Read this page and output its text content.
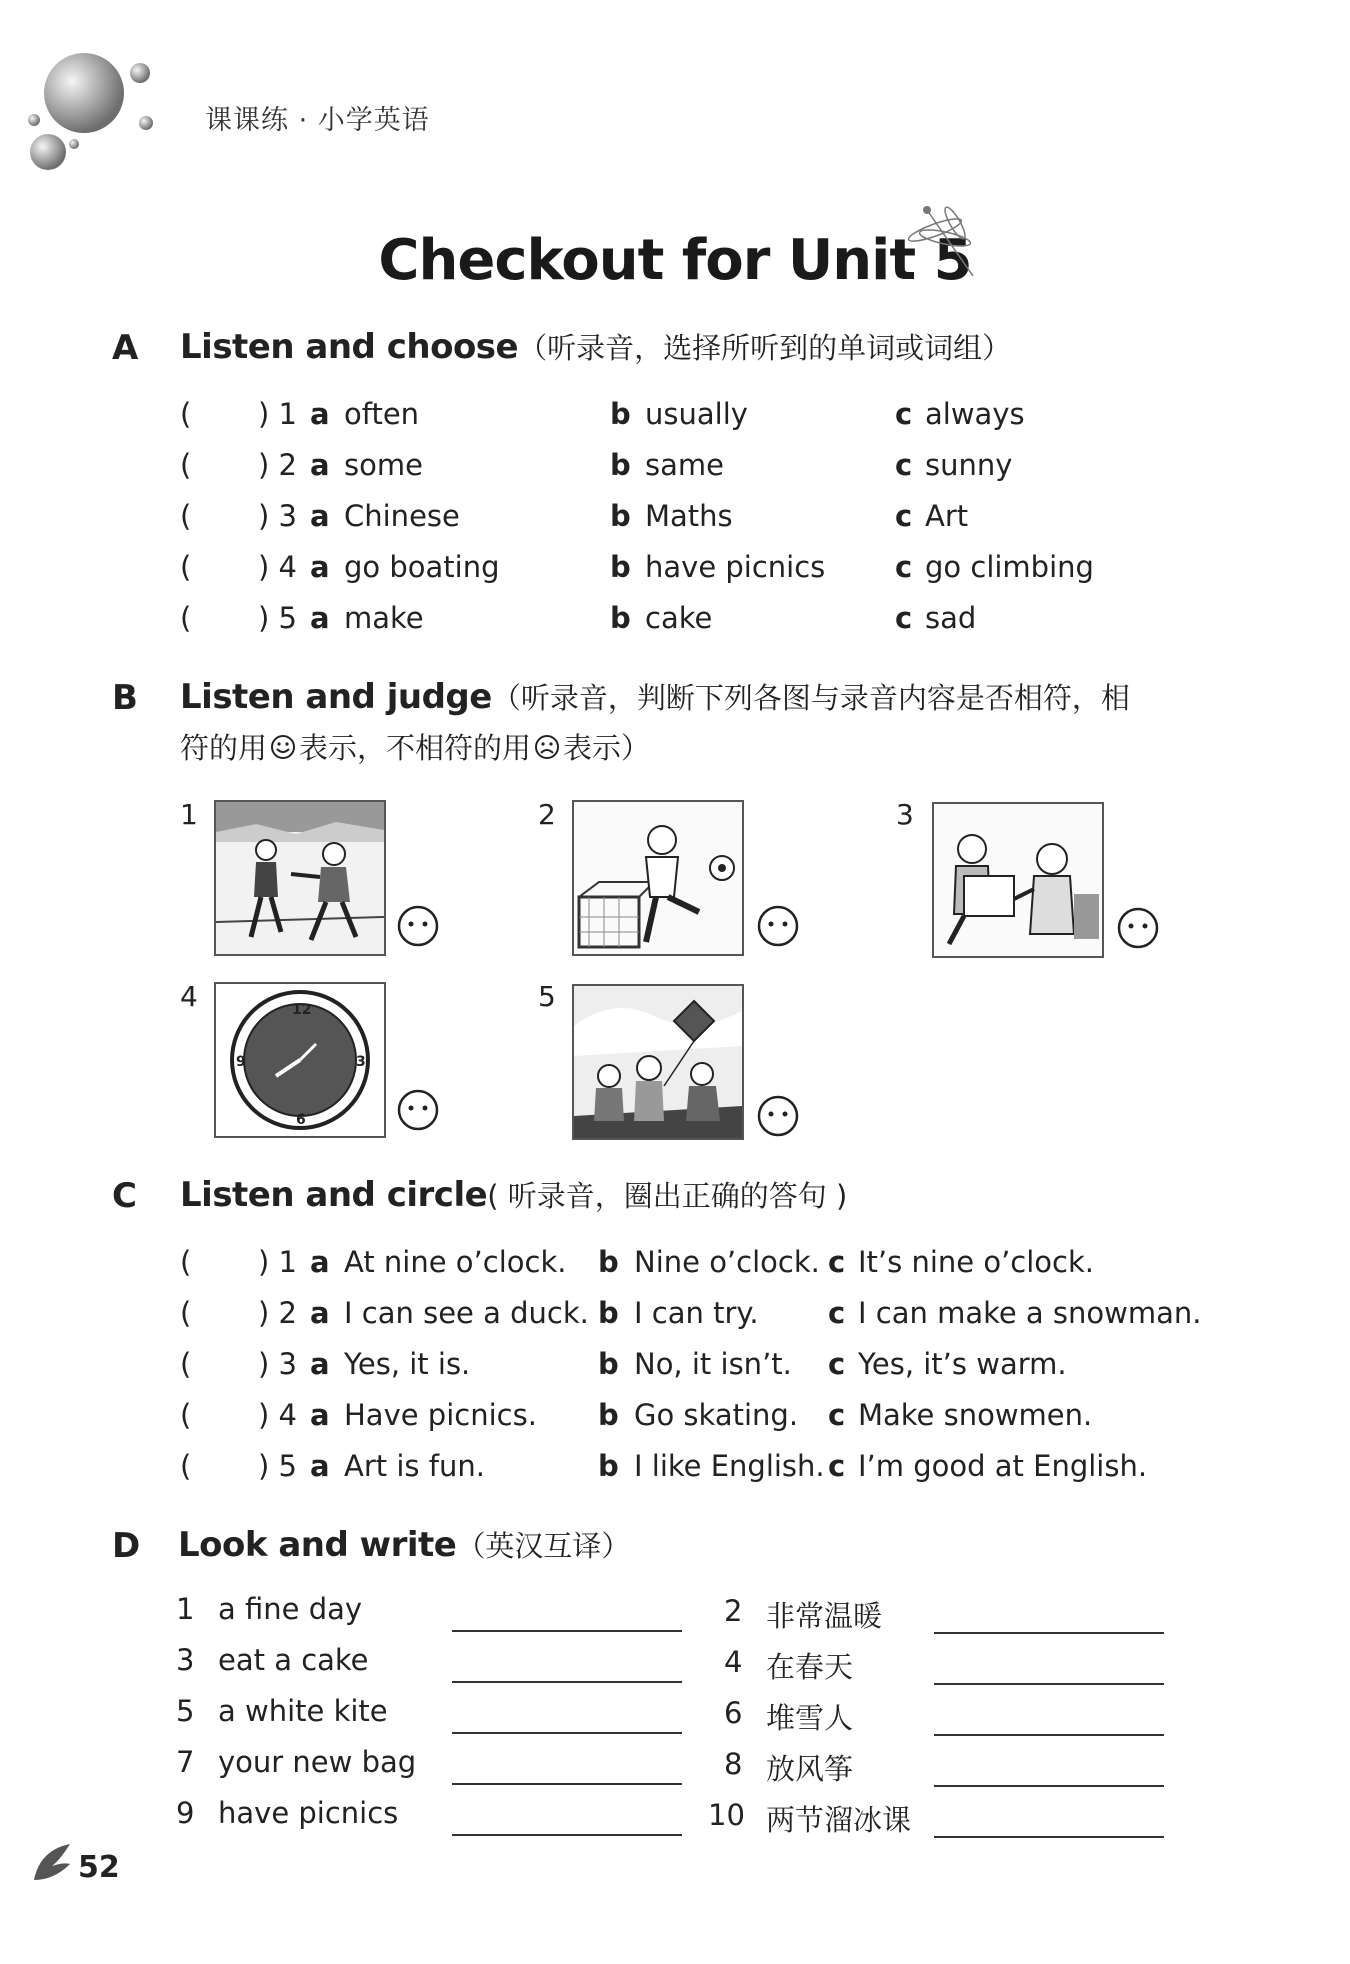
课课练 · 小学英语
Checkout for Unit 5
A Listen and choose（听录音，选择所听到的单词或词组）
( ) 1 a often	b usually	c always
( ) 2 a some	b same	c sunny
( ) 3 a Chinese	b Maths	c Art
( ) 4 a go boating	b have picnics c go climbing
( ) 5 a make	b cake	c sad
B Listen and judge（听录音，判断下列各图与录音内容是否相符，相
符的用 表示，不相符的用 表示）
1	2	3
4	12
3
6
9
5
C Listen and circle( 听录音，圈出正确的答句 )
( ) 1 a At nine o’clock. b Nine o’clock. c It’s nine o’clock.
( ) 2 a I can see a duck. b I can try. c I can make a snowman.
( ) 3 a Yes, it is.	b No, it isn’t. c Yes, it’s warm.
( ) 4 a Have picnics. b Go skating. c Make snowmen.
( ) 5 a Art is fun.	b I like English. c I’m good at English.
D Look and write（英汉互译）
1 a fine day	2 非常温暖
3 eat a cake	4 在春天
5 a white kite	6 堆雪人
7 your new bag	8 放风筝
9 have picnics	10 两节溜冰课
52
